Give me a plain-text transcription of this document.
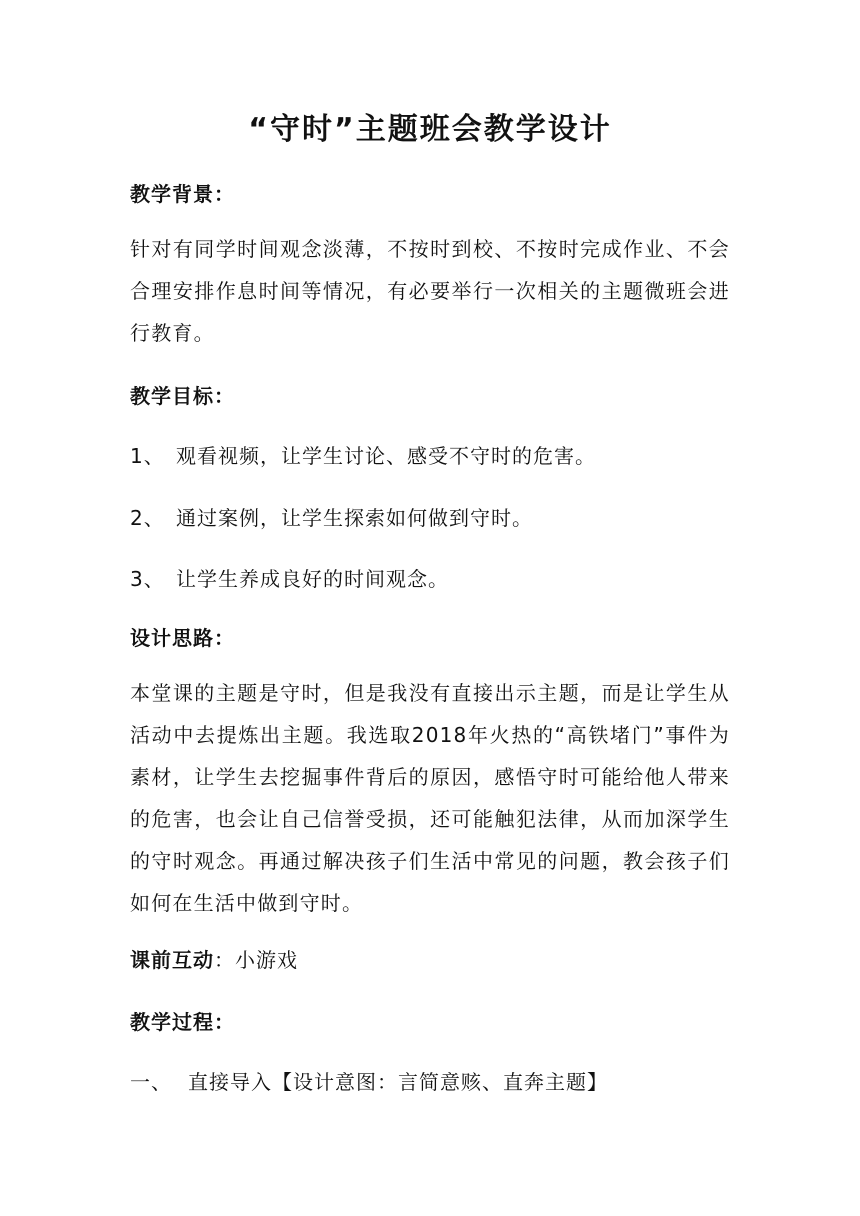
“守时”主题班会教学设计
教学背景：
针对有同学时间观念淡薄，不按时到校、不按时完成作业、不会合理安排作息时间等情况，有必要举行一次相关的主题微班会进行教育。
教学目标：
1、 观看视频，让学生讨论、感受不守时的危害。
2、 通过案例，让学生探索如何做到守时。
3、 让学生养成良好的时间观念。
设计思路：
本堂课的主题是守时，但是我没有直接出示主题，而是让学生从活动中去提炼出主题。我选取2018年火热的“高铁堵门”事件为素材，让学生去挖掘事件背后的原因，感悟守时可能给他人带来的危害，也会让自己信誉受损，还可能触犯法律，从而加深学生的守时观念。再通过解决孩子们生活中常见的问题，教会孩子们如何在生活中做到守时。
课前互动：小游戏
教学过程：
一、 直接导入【设计意图：言简意赅、直奔主题】
